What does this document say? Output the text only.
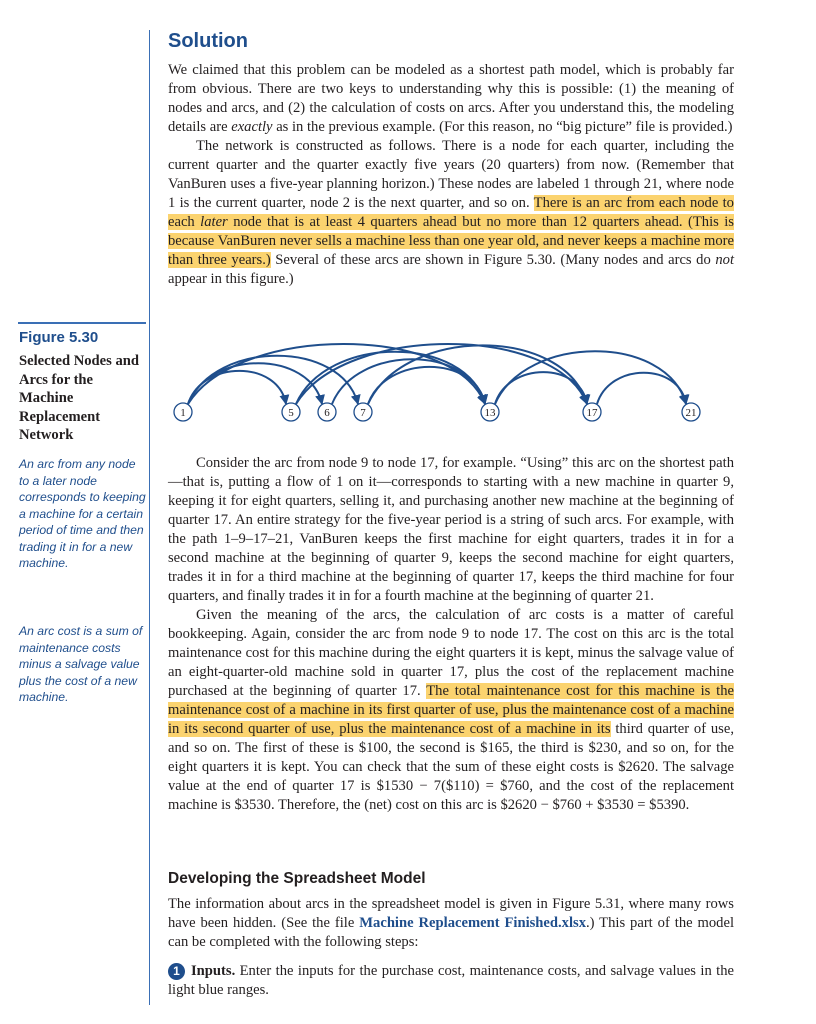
Solution

We claimed that this problem can be modeled as a shortest path model, which is probably far from obvious. There are two keys to understanding why this is possible: (1) the meaning of nodes and arcs, and (2) the calculation of costs on arcs. After you understand this, the modeling details are exactly as in the previous example. (For this reason, no “big picture” file is provided.)

The network is constructed as follows. There is a node for each quarter, including the current quarter and the quarter exactly five years (20 quarters) from now. (Remember that VanBuren uses a five-year planning horizon.) These nodes are labeled 1 through 21, where node 1 is the current quarter, node 2 is the next quarter, and so on. There is an arc from each node to each later node that is at least 4 quarters ahead but no more than 12 quarters ahead. (This is because VanBuren never sells a machine less than one year old, and never keeps a machine more than three years.) Several of these arcs are shown in Figure 5.30. (Many nodes and arcs do not appear in this figure.)

Figure 5.30
Selected Nodes and Arcs for the Machine Replacement Network
1	5	6	7	13	17	21
An arc from any node to a later node corresponds to keeping a machine for a certain period of time and then trading it in for a new machine.
An arc cost is a sum of maintenance costs minus a salvage value plus the cost of a new machine.

Consider the arc from node 9 to node 17, for example. “Using” this arc on the shortest path—that is, putting a flow of 1 on it—corresponds to starting with a new machine in quarter 9, keeping it for eight quarters, selling it, and purchasing another new machine at the beginning of quarter 17. An entire strategy for the five-year period is a string of such arcs. For example, with the path 1–9–17–21, VanBuren keeps the first machine for eight quarters, trades it in for a second machine at the beginning of quarter 9, keeps the second machine for eight quarters, trades it in for a third machine at the beginning of quarter 17, keeps the third machine for four quarters, and finally trades it in for a fourth machine at the beginning of quarter 21.

Given the meaning of the arcs, the calculation of arc costs is a matter of careful bookkeeping. Again, consider the arc from node 9 to node 17. The cost on this arc is the total maintenance cost for this machine during the eight quarters it is kept, minus the salvage value of an eight-quarter-old machine sold in quarter 17, plus the cost of the replacement machine purchased at the beginning of quarter 17. The total maintenance cost for this machine is the maintenance cost of a machine in its first quarter of use, plus the maintenance cost of a machine in its second quarter of use, plus the maintenance cost of a machine in its third quarter of use, and so on. The first of these is $100, the second is $165, the third is $230, and so on, for the eight quarters it is kept. You can check that the sum of these eight costs is $2620. The salvage value at the end of quarter 17 is $1530 − 7($110) = $760, and the cost of the replacement machine is $3530. Therefore, the (net) cost on this arc is $2620 − $760 + $3530 = $5390.

Developing the Spreadsheet Model

The information about arcs in the spreadsheet model is given in Figure 5.31, where many rows have been hidden. (See the file Machine Replacement Finished.xlsx.) This part of the model can be completed with the following steps:

1 Inputs. Enter the inputs for the purchase cost, maintenance costs, and salvage values in the light blue ranges.
